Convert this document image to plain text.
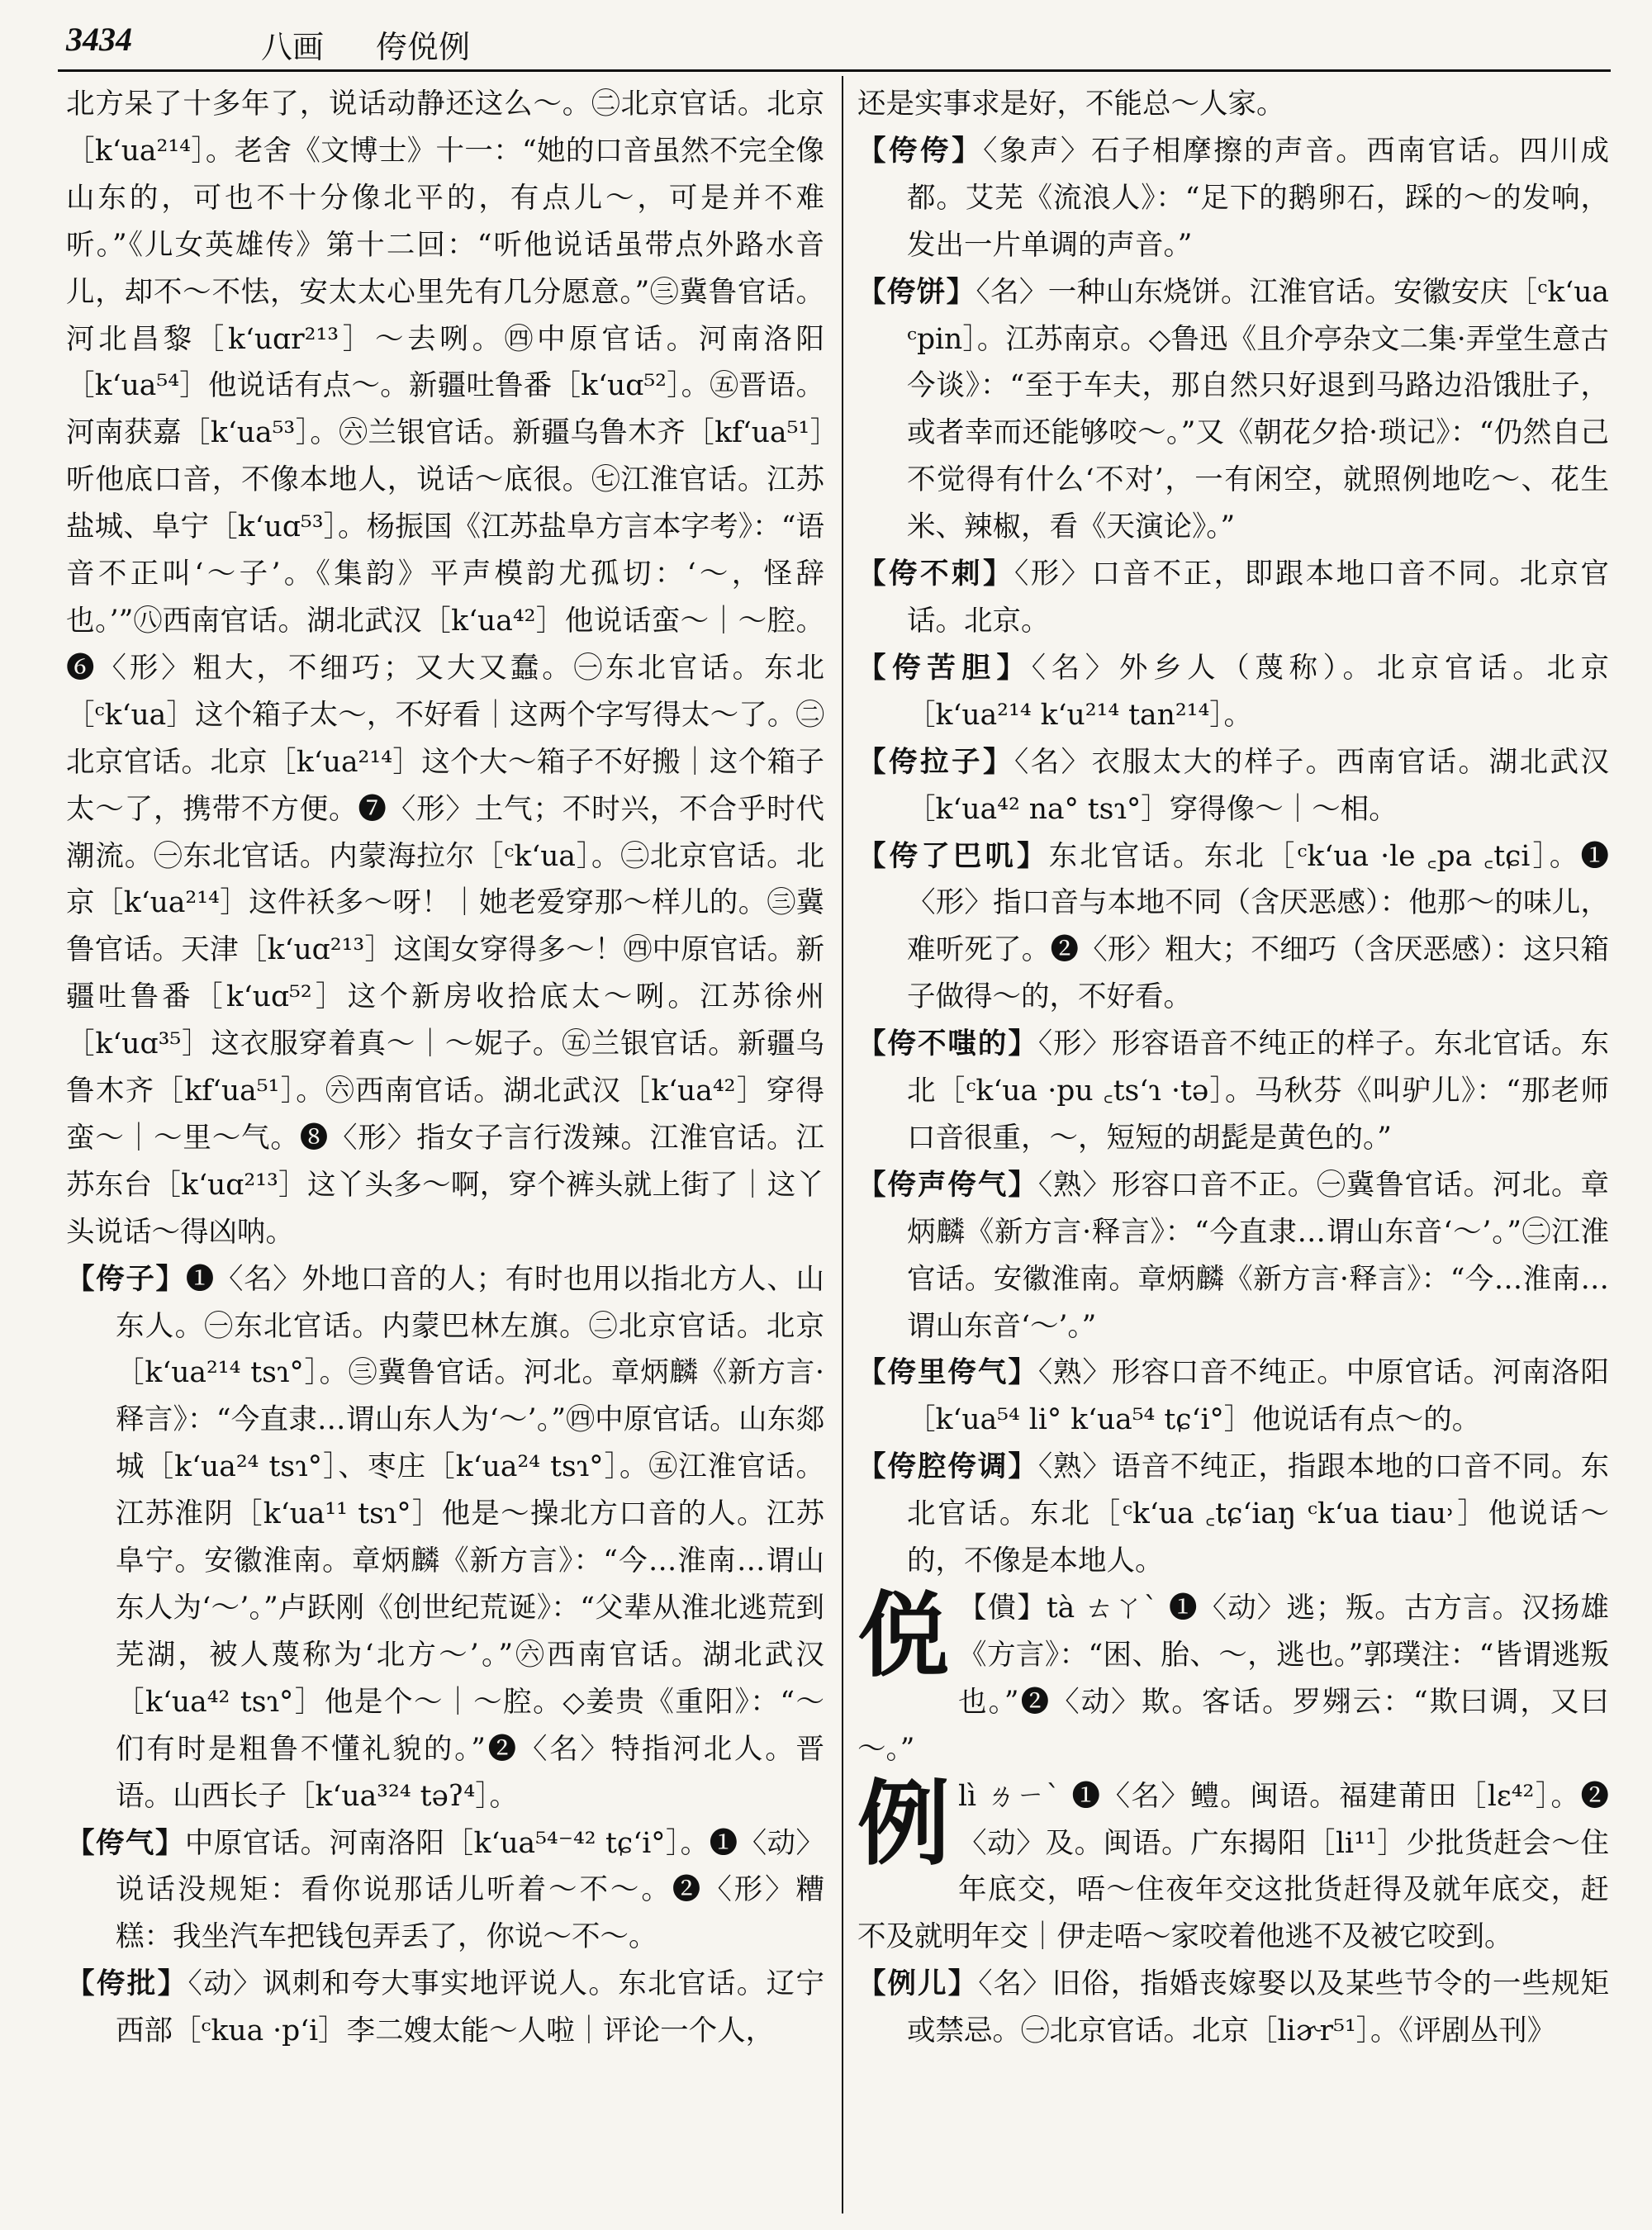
3434	八画 侉侻例

北方呆了十多年了，说话动静还这么～。㊁北京官话。北京［k‘ua²¹⁴］。老舍《文博士》十一：“她的口音虽然不完全像山东的，可也不十分像北平的，有点儿～，可是并不难听。”《儿女英雄传》第十二回：“听他说话虽带点外路水音儿，却不～不怯，安太太心里先有几分愿意。”㊂冀鲁官话。河北昌黎［k‘uɑr²¹³］～去咧。㊃中原官话。河南洛阳［k‘ua⁵⁴］他说话有点～。新疆吐鲁番［k‘uɑ⁵²］。㊄晋语。河南获嘉［k‘ua⁵³］。㊅兰银官话。新疆乌鲁木齐［kf‘ua⁵¹］听他底口音，不像本地人，说话～底很。㊆江淮官话。江苏盐城、阜宁［k‘uɑ⁵³］。杨振国《江苏盐阜方言本字考》：“语音不正叫‘～子’。《集韵》平声模韵尤孤切：‘～，怪辞也。’”㊇西南官话。湖北武汉［k‘ua⁴²］他说话蛮～｜～腔。❻〈形〉粗大，不细巧；又大又蠢。㊀东北官话。东北［ᶜk‘ua］这个箱子太～，不好看｜这两个字写得太～了。㊁北京官话。北京［k‘ua²¹⁴］这个大～箱子不好搬｜这个箱子太～了，携带不方便。❼〈形〉土气；不时兴，不合乎时代潮流。㊀东北官话。内蒙海拉尔［ᶜk‘ua］。㊁北京官话。北京［k‘ua²¹⁴］这件袄多～呀！｜她老爱穿那～样儿的。㊂冀鲁官话。天津［k‘uɑ²¹³］这闺女穿得多～！㊃中原官话。新疆吐鲁番［k‘uɑ⁵²］这个新房收拾底太～咧。江苏徐州［k‘uɑ³⁵］这衣服穿着真～｜～妮子。㊄兰银官话。新疆乌鲁木齐［kf‘ua⁵¹］。㊅西南官话。湖北武汉［k‘ua⁴²］穿得蛮～｜～里～气。❽〈形〉指女子言行泼辣。江淮官话。江苏东台［k‘uɑ²¹³］这丫头多～啊，穿个裤头就上街了｜这丫头说话～得凶呐。

【侉子】❶〈名〉外地口音的人；有时也用以指北方人、山东人。㊀东北官话。内蒙巴林左旗。㊁北京官话。北京［k‘ua²¹⁴ tsɿ°］。㊂冀鲁官话。河北。章炳麟《新方言·释言》：“今直隶…谓山东人为‘～’。”㊃中原官话。山东郯城［k‘ua²⁴ tsɿ°］、枣庄［k‘ua²⁴ tsɿ°］。㊄江淮官话。江苏淮阴［k‘ua¹¹ tsɿ°］他是～操北方口音的人。江苏阜宁。安徽淮南。章炳麟《新方言》：“今…淮南…谓山东人为‘～’。”卢跃刚《创世纪荒诞》：“父辈从淮北逃荒到芜湖，被人蔑称为‘北方～’。”㊅西南官话。湖北武汉［k‘ua⁴² tsɿ°］他是个～｜～腔。◇姜贵《重阳》：“～们有时是粗鲁不懂礼貌的。”❷〈名〉特指河北人。晋语。山西长子［k‘ua³²⁴ təʔ⁴］。

【侉气】中原官话。河南洛阳［k‘ua⁵⁴⁻⁴² tɕ‘i°］。❶〈动〉说话没规矩：看你说那话儿听着～不～。❷〈形〉糟糕：我坐汽车把钱包弄丢了，你说～不～。

【侉批】〈动〉讽刺和夸大事实地评说人。东北官话。辽宁西部［ᶜkua ·p‘i］李二嫂太能～人啦｜评论一个人，

还是实事求是好，不能总～人家。

【侉侉】〈象声〉石子相摩擦的声音。西南官话。四川成都。艾芜《流浪人》：“足下的鹅卵石，踩的～的发响，发出一片单调的声音。”

【侉饼】〈名〉一种山东烧饼。江淮官话。安徽安庆［ᶜk‘ua ᶜpin］。江苏南京。◇鲁迅《且介亭杂文二集·弄堂生意古今谈》：“至于车夫，那自然只好退到马路边沿饿肚子，或者幸而还能够咬～。”又《朝花夕拾·琐记》：“仍然自己不觉得有什么‘不对’，一有闲空，就照例地吃～、花生米、辣椒，看《天演论》。”

【侉不刺】〈形〉口音不正，即跟本地口音不同。北京官话。北京。

【侉苦胆】〈名〉外乡人（蔑称）。北京官话。北京［k‘ua²¹⁴ k‘u²¹⁴ tan²¹⁴］。

【侉拉子】〈名〉衣服太大的样子。西南官话。湖北武汉［k‘ua⁴² na° tsɿ°］穿得像～｜～相。

【侉了巴叽】东北官话。东北［ᶜk‘ua ·le ꜀pa ꜀tɕi］。❶〈形〉指口音与本地不同（含厌恶感）：他那～的味儿，难听死了。❷〈形〉粗大；不细巧（含厌恶感）：这只箱子做得～的，不好看。

【侉不嗤的】〈形〉形容语音不纯正的样子。东北官话。东北［ᶜk‘ua ·pu ꜀ts‘ɿ ·tə］。马秋芬《叫驴儿》：“那老师口音很重，～，短短的胡髭是黄色的。”

【侉声侉气】〈熟〉形容口音不正。㊀冀鲁官话。河北。章炳麟《新方言·释言》：“今直隶…谓山东音‘～’。”㊁江淮官话。安徽淮南。章炳麟《新方言·释言》：“今…淮南…谓山东音‘～’。”

【侉里侉气】〈熟〉形容口音不纯正。中原官话。河南洛阳［k‘ua⁵⁴ li° k‘ua⁵⁴ tɕ‘i°］他说话有点～的。

【侉腔侉调】〈熟〉语音不纯正，指跟本地的口音不同。东北官话。东北［ᶜk‘ua ꜀tɕ‘iaŋ ᶜk‘ua tiau˒］他说话～的，不像是本地人。

侻 【僓】tà ㄊㄚˋ ❶〈动〉逃；叛。古方言。汉扬雄《方言》：“困、胎、～，逃也。”郭璞注：“皆谓逃叛也。”❷〈动〉欺。客话。罗翙云：“欺曰调，又曰～。”
例lì ㄌㄧˋ ❶〈名〉鳢。闽语。福建莆田［lɛ⁴²］。❷〈动〉及。闽语。广东揭阳［li¹¹］少批货赶会～住年底交，唔～住夜年交这批货赶得及就年底交，赶不及就明年交｜伊走唔～家咬着他逃不及被它咬到。

【例儿】〈名〉旧俗，指婚丧嫁娶以及某些节令的一些规矩或禁忌。㊀北京官话。北京［liɚr⁵¹］。《评剧丛刊》
